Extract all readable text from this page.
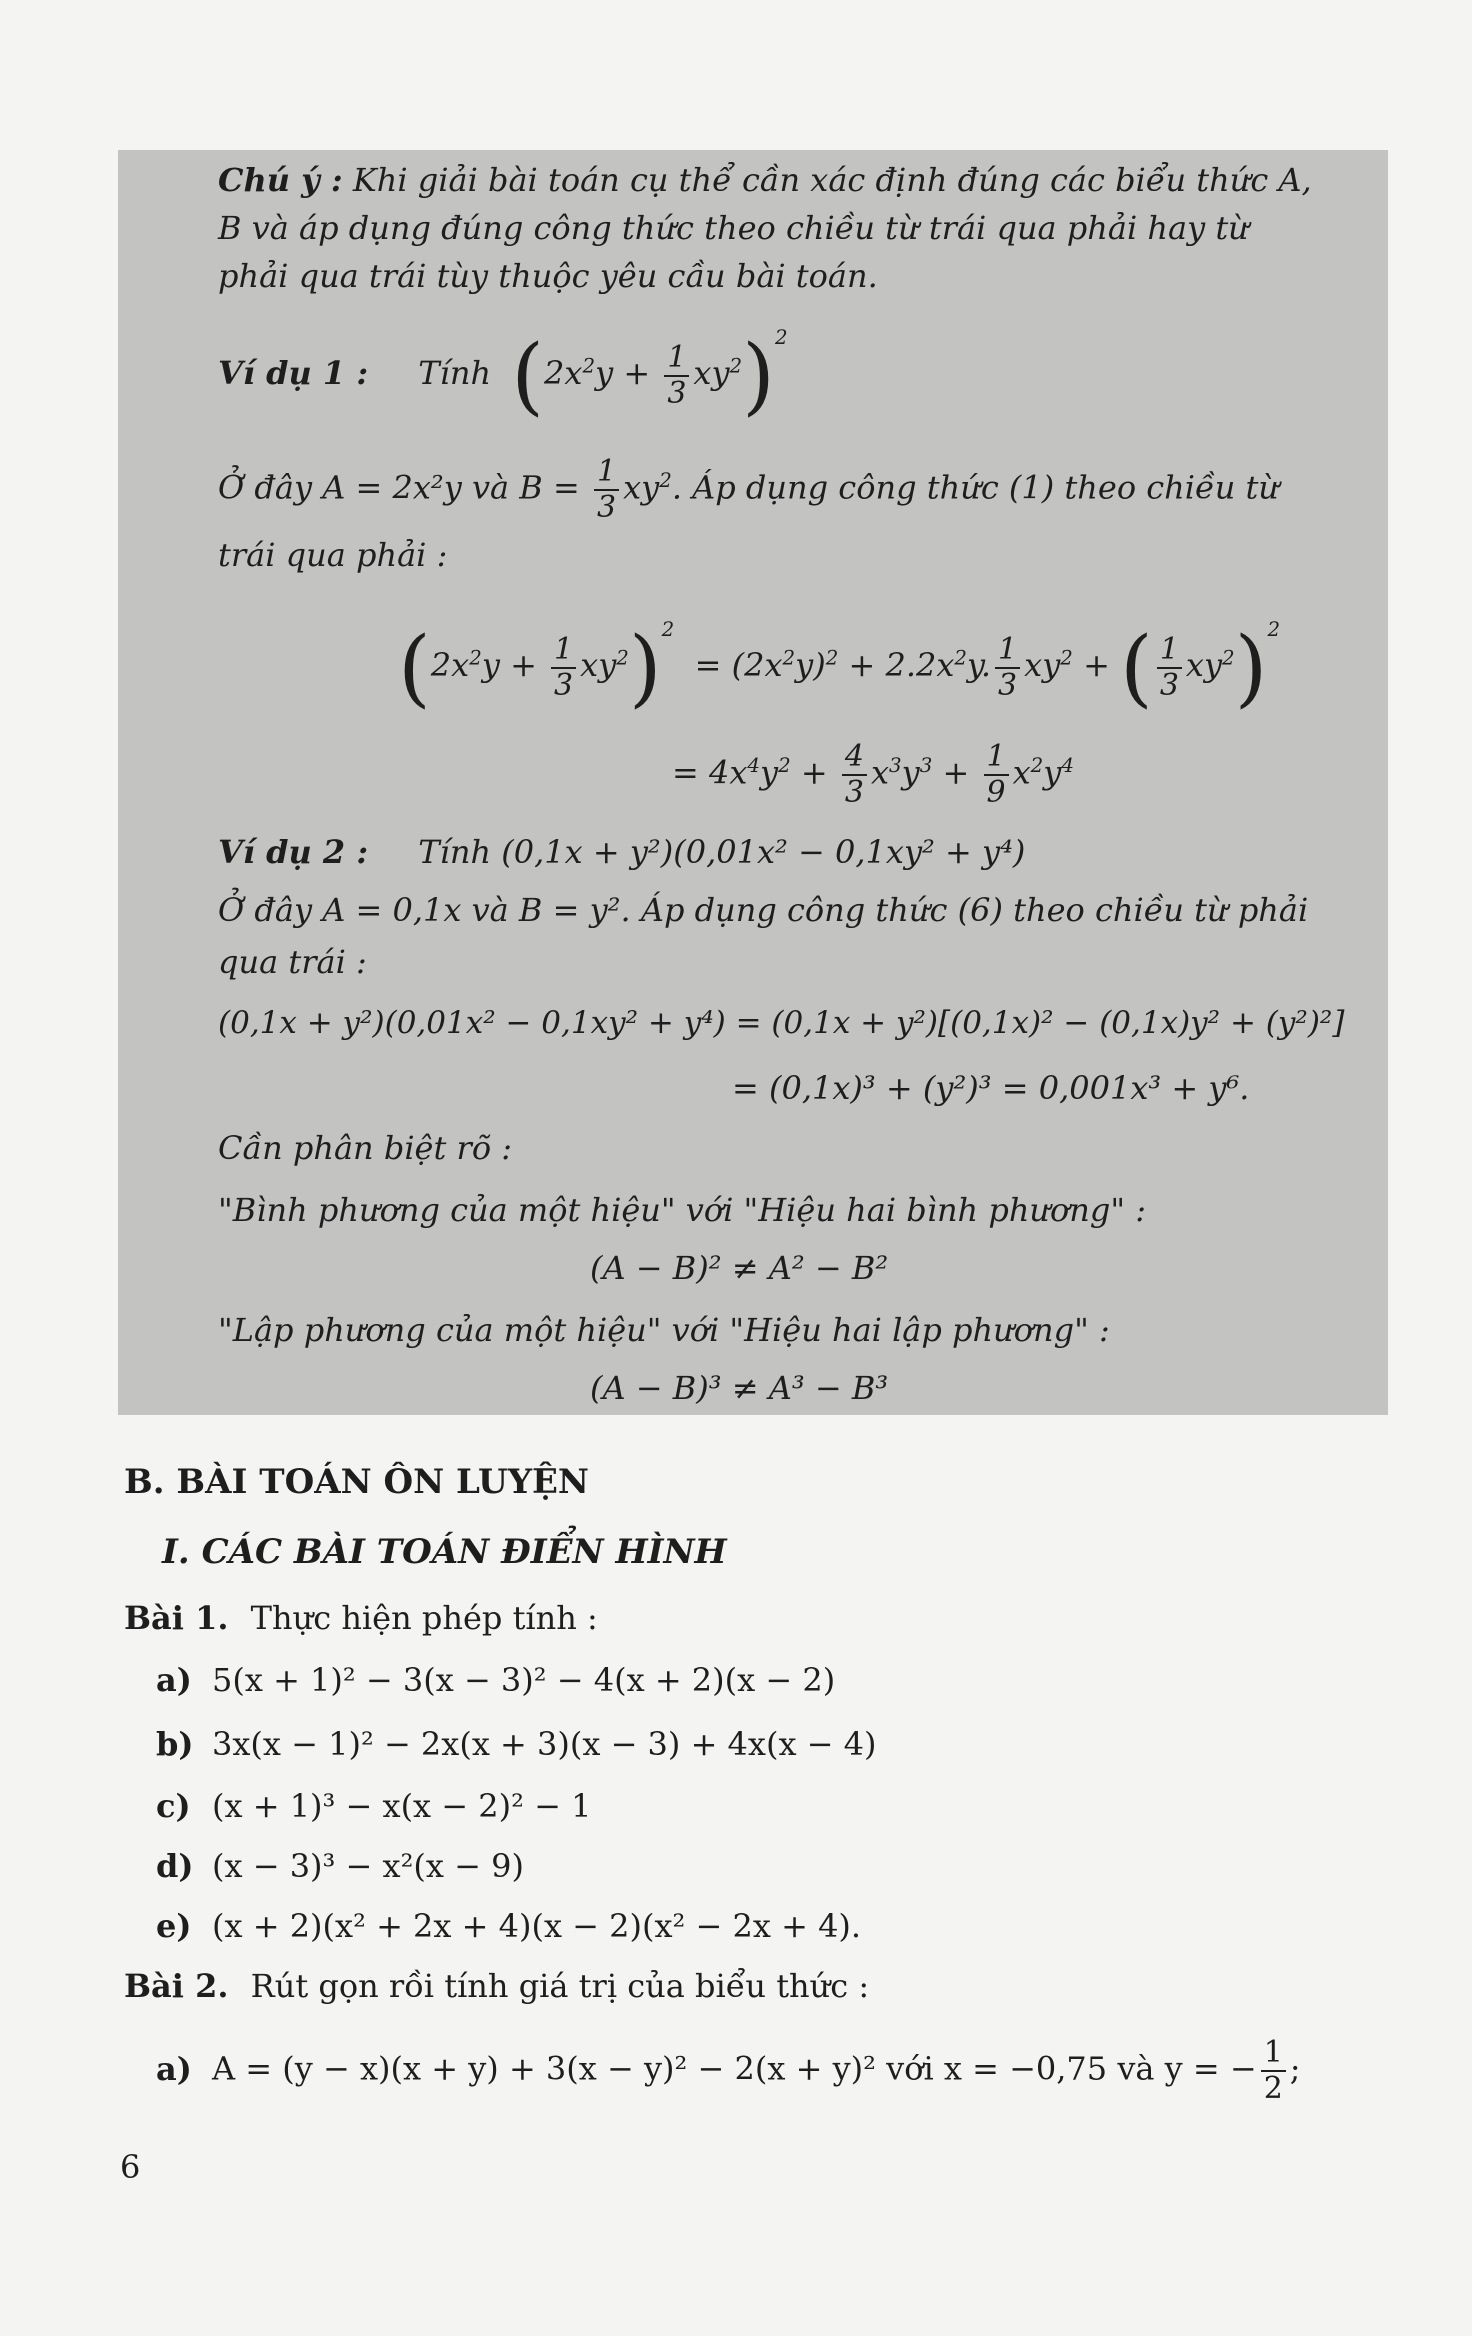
Chú ý : Khi giải bài toán cụ thể cần xác định đúng các biểu thức A,
B và áp dụng đúng công thức theo chiều từ trái qua phải hay từ
phải qua trái tùy thuộc yêu cầu bài toán.
Ví dụ 1 : Tính $(2x^2y + \frac{1}{3} xy^2)^2$
Ở đây A = 2x²y và $B = \frac{1}{3} xy^2$. Áp dụng công thức (1) theo chiều từ
trái qua phải :
$(2x^2y + \frac{1}{3} xy^2)^2 = (2x^2y)^2 + 2.2x^2y$. $\frac{1}{3} xy^2$ + ( $\frac{1}{3} xy^2)^2$
= $4x^4y^2 + \frac{4}{3} x^3y^3 + \frac{1}{9} x^2y^4$
Ví dụ 2 : Tính (0,1x + y²)(0,01x² − 0,1xy² + y⁴)
Ở đây A = 0,1x và B = y². Áp dụng công thức (6) theo chiều từ phải
qua trái :
(0,1x + y²)(0,01x² − 0,1xy² + y⁴) = (0,1x + y²)[(0,1x)² − (0,1x)y² + (y²)²]
= (0,1x)³ + (y²)³ = 0,001x³ + y⁶.
Cần phân biệt rõ :
"Bình phương của một hiệu" với "Hiệu hai bình phương" :
(A − B)² ≠ A² − B²
"Lập phương của một hiệu" với "Hiệu hai lập phương" :
(A − B)³ ≠ A³ − B³
B. BÀI TOÁN ÔN LUYỆN
I. CÁC BÀI TOÁN ĐIỂN HÌNH
Bài 1. Thực hiện phép tính :
a) 5(x + 1)² − 3(x − 3)² − 4(x + 2)(x − 2)
b) 3x(x − 1)² − 2x(x + 3)(x − 3) + 4x(x − 4)
c) (x + 1)³ − x(x − 2)² − 1
d) (x − 3)³ − x²(x − 9)
e) (x + 2)(x² + 2x + 4)(x − 2)(x² − 2x + 4).
Bài 2. Rút gọn rồi tính giá trị của biểu thức :
a) A = (y − x)(x + y) + 3(x − y)² − 2(x + y)² với x = −0,75 và y = − $\frac{1}{2}$ ;
6
